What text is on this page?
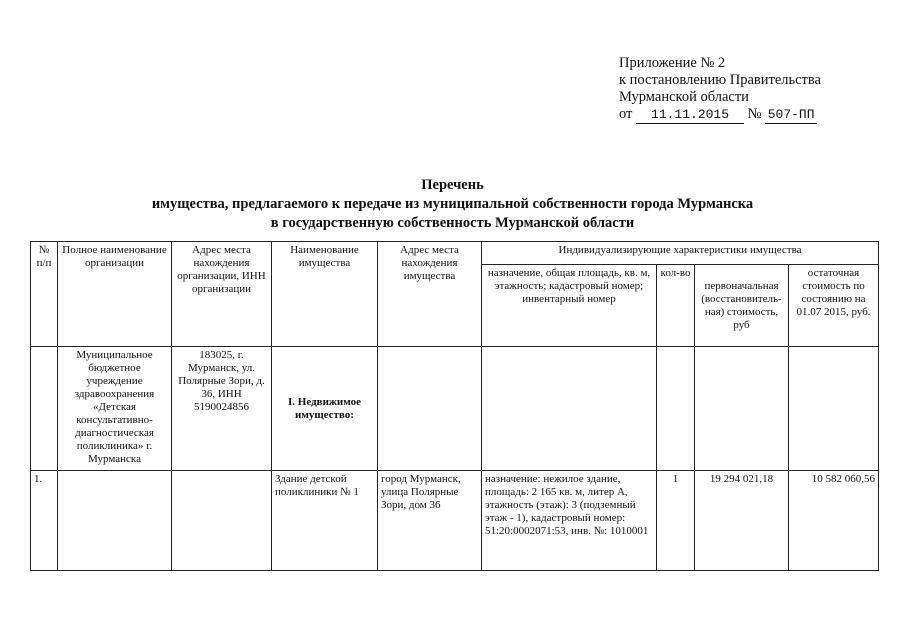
Приложение № 2
к постановлению Правительства
Мурманской области
от 11.11.2015 № 507-ПП
Перечень
имущества, предлагаемого к передаче из муниципальной собственности города Мурманска
в государственную собственность Мурманской области
№ п/п	Полное наименование организации	Адрес места нахождения организации, ИНН организации	Наименование имущества	Адрес места нахождения имущества	Индивидуализирующие характеристики имущества			
					назначение, общая площадь, кв. м, этажность; кадастровый номер; инвентарный номер	кол-во	первоначальная (восстановитель-ная) стоимость, руб	остаточная стоимость по состоянию на 01.07 2015, руб.
	Муниципальное бюджетное учреждение здравоохранения «Детская консультативно-диагностическая поликлиника» г. Мурманска	183025, г. Мурманск, ул. Полярные Зори, д. 36, ИНН 5190024856	I. Недвижимое имущество:					
1.			Здание детской поликлиники № 1	город Мурманск, улица Полярные Зори, дом 36	назначение: нежилое здание, площадь: 2 165 кв. м, литер А, этажность (этаж): 3 (подземный этаж - 1), кадастровый номер: 51:20:0002071:53, инв. №: 1010001	1	19 294 021,18	10 582 060,56
